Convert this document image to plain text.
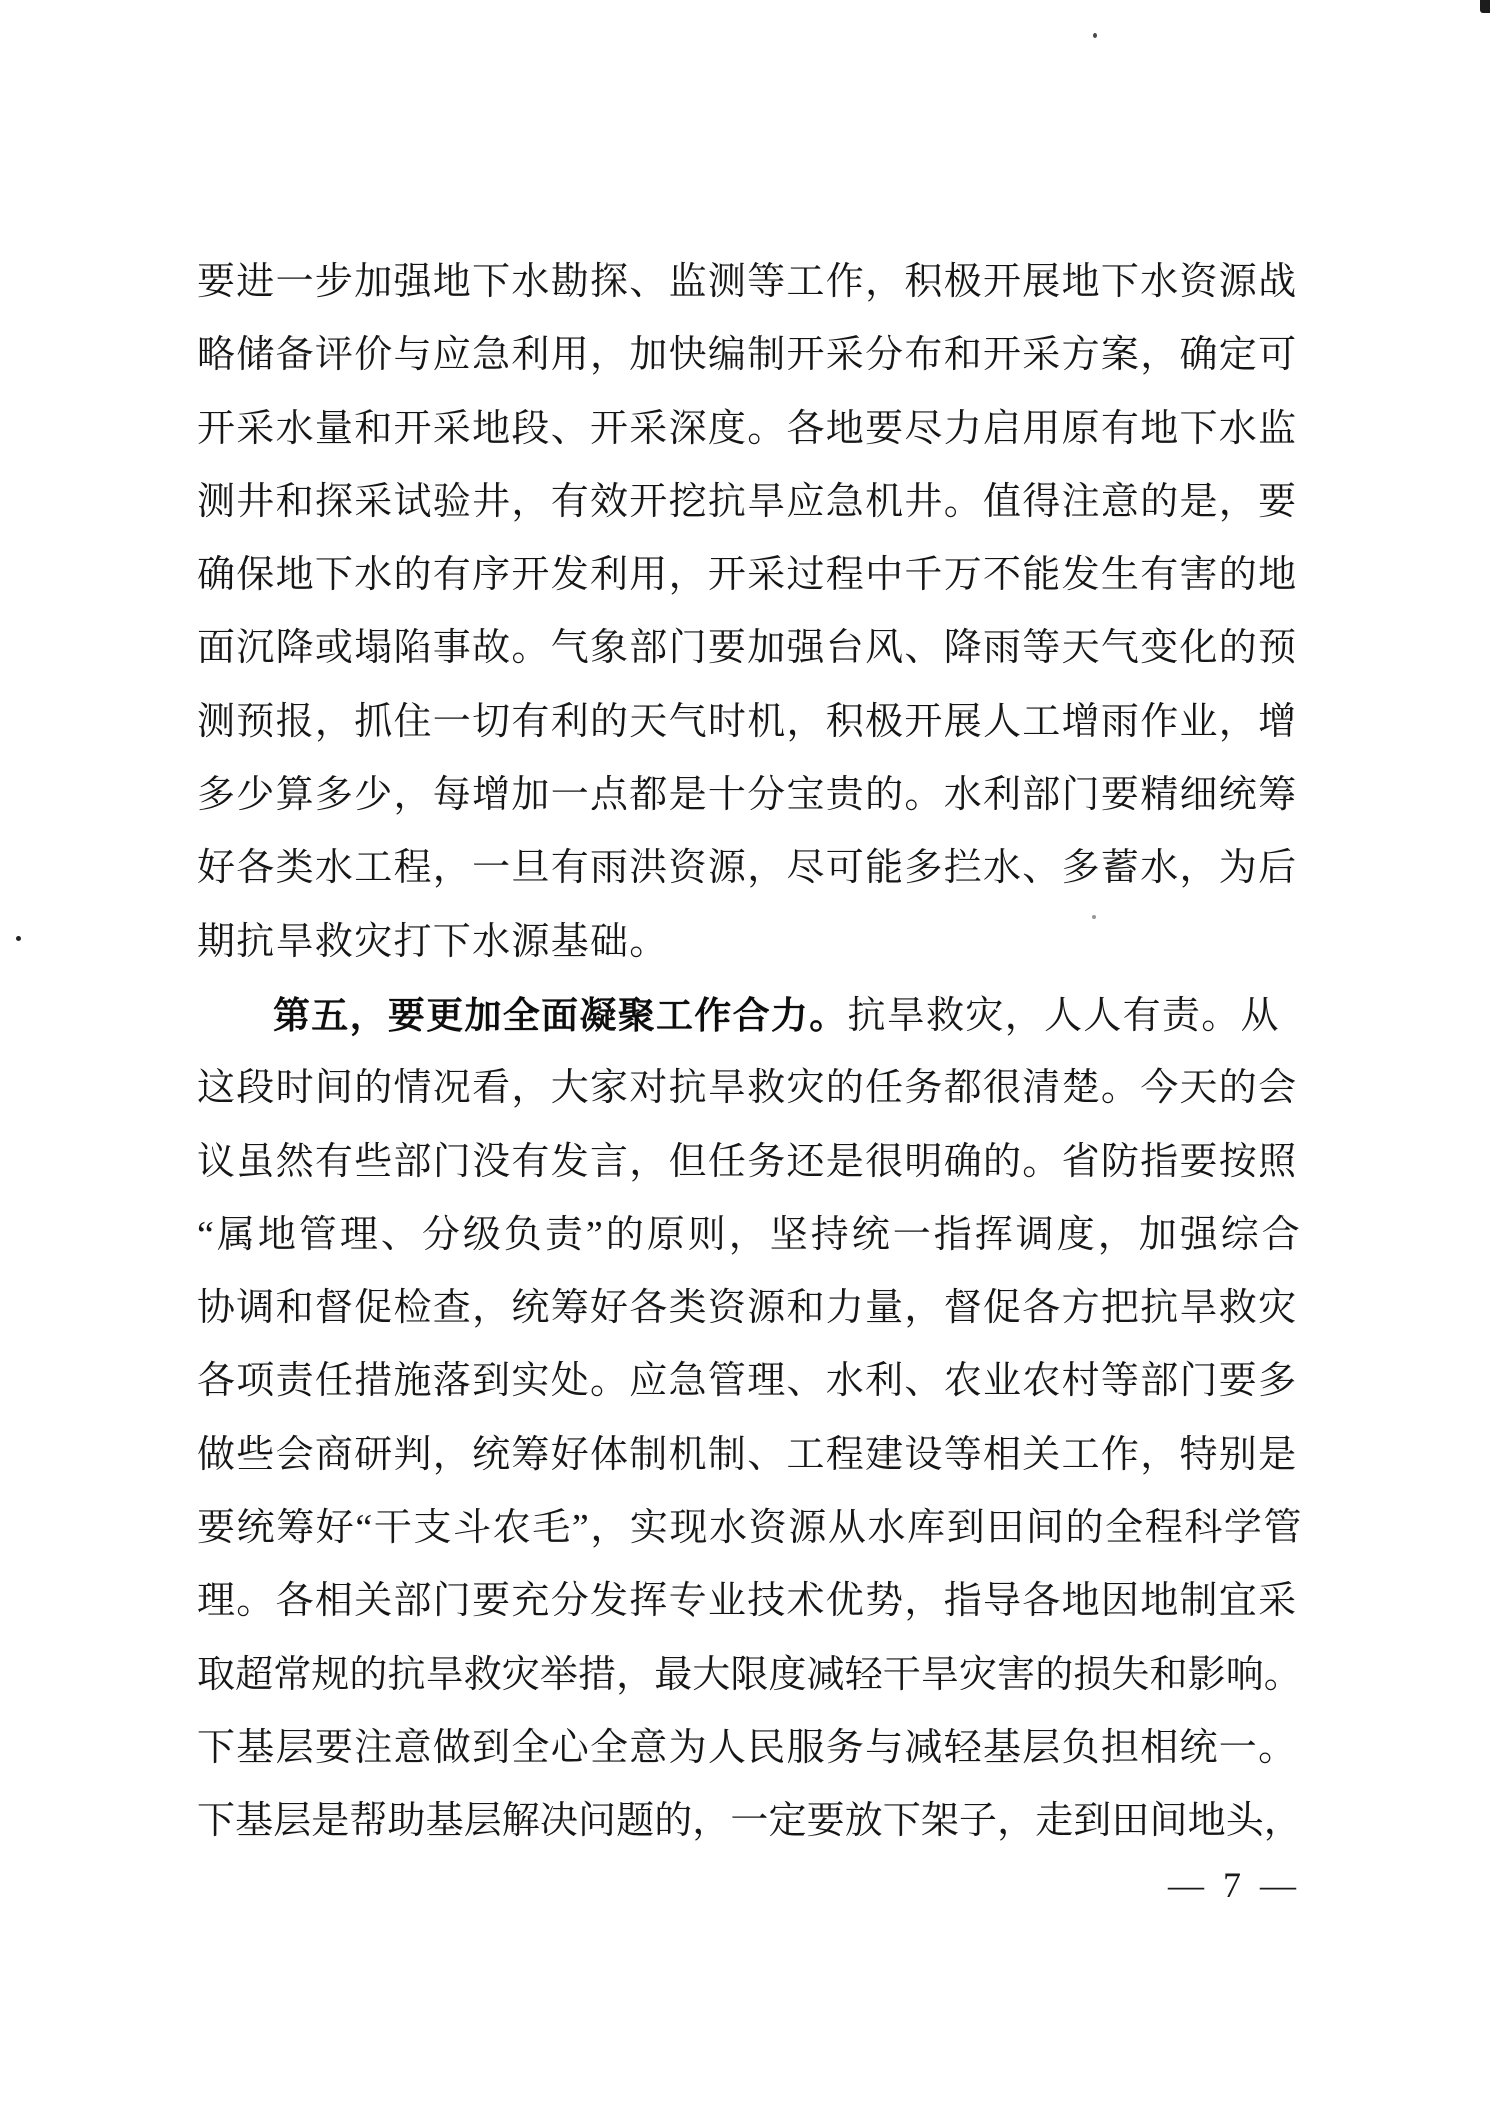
要进一步加强地下水勘探、监测等工作，积极开展地下水资源战
略储备评价与应急利用，加快编制开采分布和开采方案，确定可
开采水量和开采地段、开采深度。各地要尽力启用原有地下水监
测井和探采试验井，有效开挖抗旱应急机井。值得注意的是，要
确保地下水的有序开发利用，开采过程中千万不能发生有害的地
面沉降或塌陷事故。气象部门要加强台风、降雨等天气变化的预
测预报，抓住一切有利的天气时机，积极开展人工增雨作业，增
多少算多少，每增加一点都是十分宝贵的。水利部门要精细统筹
好各类水工程，一旦有雨洪资源，尽可能多拦水、多蓄水，为后
期抗旱救灾打下水源基础。
第五，要更加全面凝聚工作合力。抗旱救灾，人人有责。从
这段时间的情况看，大家对抗旱救灾的任务都很清楚。今天的会
议虽然有些部门没有发言，但任务还是很明确的。省防指要按照
“属地管理、分级负责”的原则，坚持统一指挥调度，加强综合
协调和督促检查，统筹好各类资源和力量，督促各方把抗旱救灾
各项责任措施落到实处。应急管理、水利、农业农村等部门要多
做些会商研判，统筹好体制机制、工程建设等相关工作，特别是
要统筹好“干支斗农毛”，实现水资源从水库到田间的全程科学管
理。各相关部门要充分发挥专业技术优势，指导各地因地制宜采
取超常规的抗旱救灾举措，最大限度减轻干旱灾害的损失和影响。
下基层要注意做到全心全意为人民服务与减轻基层负担相统一。
下基层是帮助基层解决问题的，一定要放下架子，走到田间地头，
— 7 —
